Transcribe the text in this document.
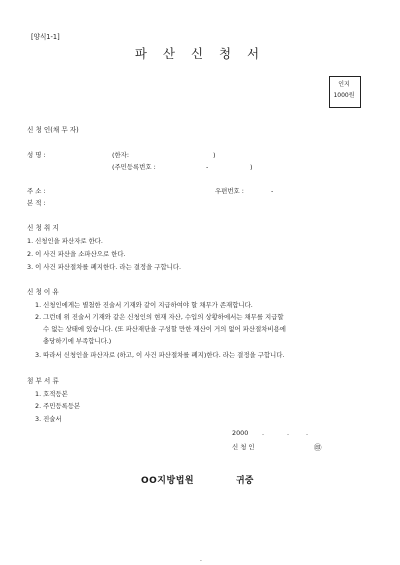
[양식1-1]
파 산 신 청 서
인지
1000원
신 청 인(채 무 자)
성 명 :	(한자:	)
(주민등록번호 :	-	)
주 소 :	우편번호 :	-
본 적 :
신 청 취 지
1. 신청인을 파산자로 한다.
2. 이 사건 파산을 소파산으로 한다.
3. 이 사건 파산절차를 폐지한다. 라는 결정을 구합니다.
신 청 이 유
1. 신청인에게는 별첨한 진술서 기재와 같이 지급하여야 할 채무가 존재합니다.
2. 그런데 위 진술서 기재와 같은 신청인의 현재 자산, 수입의 상황하에서는 채무를 지급할
수 없는 상태에 있습니다. (또 파산재단을 구성할 만한 재산이 거의 없어 파산절차비용에
충당하기에 부족합니다.)
3. 따라서 신청인을 파산자로 (하고, 이 사건 파산절차를 폐지)한다. 라는 결정을 구합니다.
첨 부 서 류
1. 호적등본
2. 주민등록등본
3. 진술서
2000 .	.	.
신 청 인	㊞
OO지방법원	귀중
.
